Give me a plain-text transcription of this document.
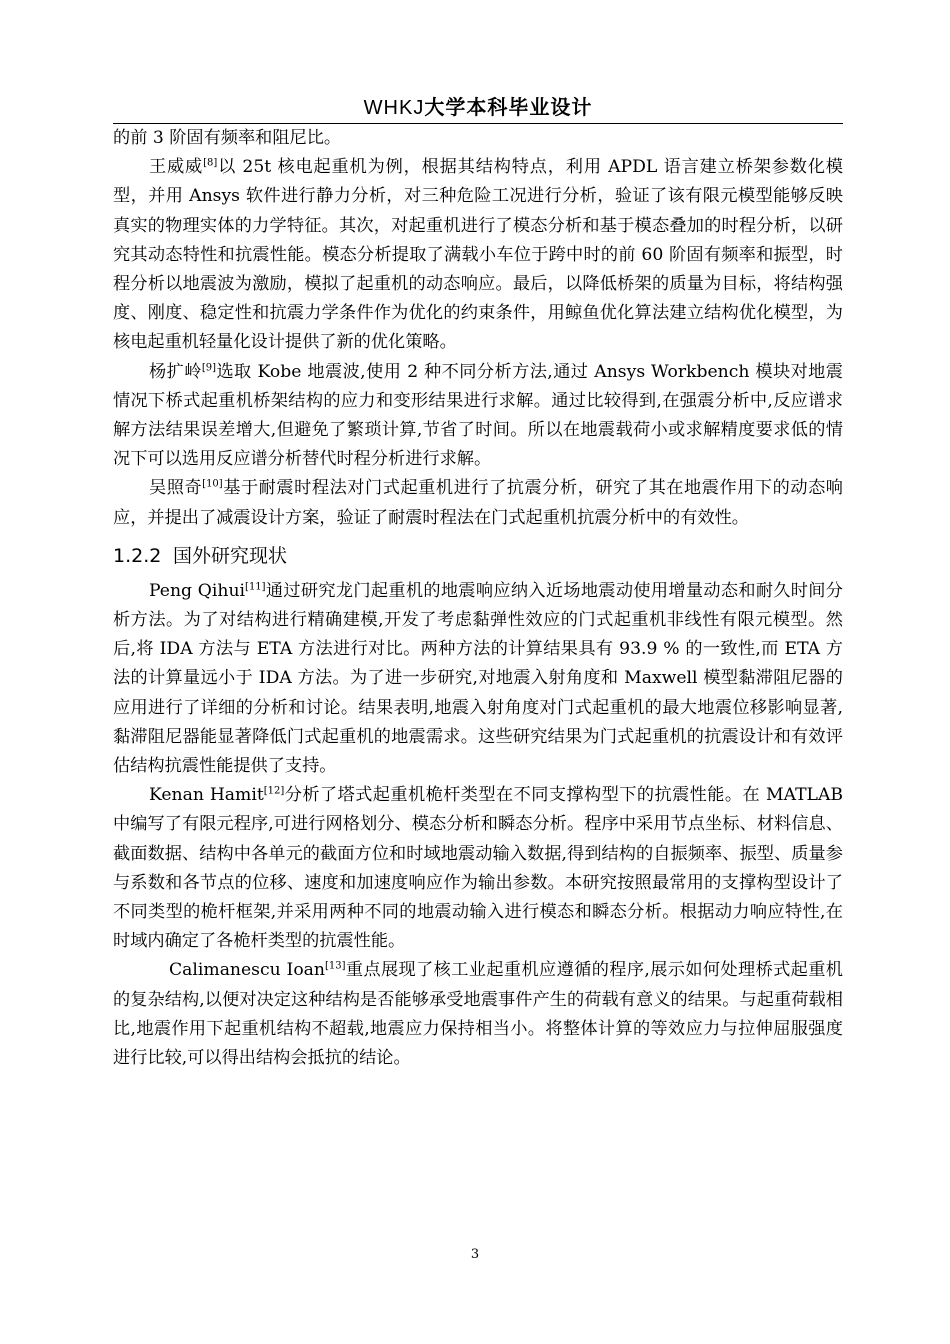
WHKJ大学本科毕业设计

的前 3 阶固有频率和阻尼比。

王威威[8]以 25t 核电起重机为例，根据其结构特点，利用 APDL 语言建立桥架参数化模型，并用 Ansys 软件进行静力分析，对三种危险工况进行分析，验证了该有限元模型能够反映真实的物理实体的力学特征。其次，对起重机进行了模态分析和基于模态叠加的时程分析，以研究其动态特性和抗震性能。模态分析提取了满载小车位于跨中时的前 60 阶固有频率和振型，时程分析以地震波为激励，模拟了起重机的动态响应。最后，以降低桥架的质量为目标，将结构强度、刚度、稳定性和抗震力学条件作为优化的约束条件，用鲸鱼优化算法建立结构优化模型，为核电起重机轻量化设计提供了新的优化策略。

杨扩岭[9]选取 Kobe 地震波,使用 2 种不同分析方法,通过 Ansys Workbench 模块对地震情况下桥式起重机桥架结构的应力和变形结果进行求解。通过比较得到,在强震分析中,反应谱求解方法结果误差增大,但避免了繁琐计算,节省了时间。所以在地震载荷小或求解精度要求低的情况下可以选用反应谱分析替代时程分析进行求解。

吴照奇[10]基于耐震时程法对门式起重机进行了抗震分析，研究了其在地震作用下的动态响应，并提出了减震设计方案，验证了耐震时程法在门式起重机抗震分析中的有效性。

1.2.2 国外研究现状

Peng Qihui[11]通过研究龙门起重机的地震响应纳入近场地震动使用增量动态和耐久时间分析方法。为了对结构进行精确建模,开发了考虑黏弹性效应的门式起重机非线性有限元模型。然后,将 IDA 方法与 ETA 方法进行对比。两种方法的计算结果具有 93.9 % 的一致性,而 ETA 方法的计算量远小于 IDA 方法。为了进一步研究,对地震入射角度和 Maxwell 模型黏滞阻尼器的应用进行了详细的分析和讨论。结果表明,地震入射角度对门式起重机的最大地震位移影响显著,黏滞阻尼器能显著降低门式起重机的地震需求。这些研究结果为门式起重机的抗震设计和有效评估结构抗震性能提供了支持。

Kenan Hamit[12]分析了塔式起重机桅杆类型在不同支撑构型下的抗震性能。在 MATLAB 中编写了有限元程序,可进行网格划分、模态分析和瞬态分析。程序中采用节点坐标、材料信息、截面数据、结构中各单元的截面方位和时域地震动输入数据,得到结构的自振频率、振型、质量参与系数和各节点的位移、速度和加速度响应作为输出参数。本研究按照最常用的支撑构型设计了不同类型的桅杆框架,并采用两种不同的地震动输入进行模态和瞬态分析。根据动力响应特性,在时域内确定了各桅杆类型的抗震性能。

Calimanescu Ioan[13]重点展现了核工业起重机应遵循的程序,展示如何处理桥式起重机的复杂结构,以便对决定这种结构是否能够承受地震事件产生的荷载有意义的结果。与起重荷载相比,地震作用下起重机结构不超载,地震应力保持相当小。将整体计算的等效应力与拉伸屈服强度进行比较,可以得出结构会抵抗的结论。

3
